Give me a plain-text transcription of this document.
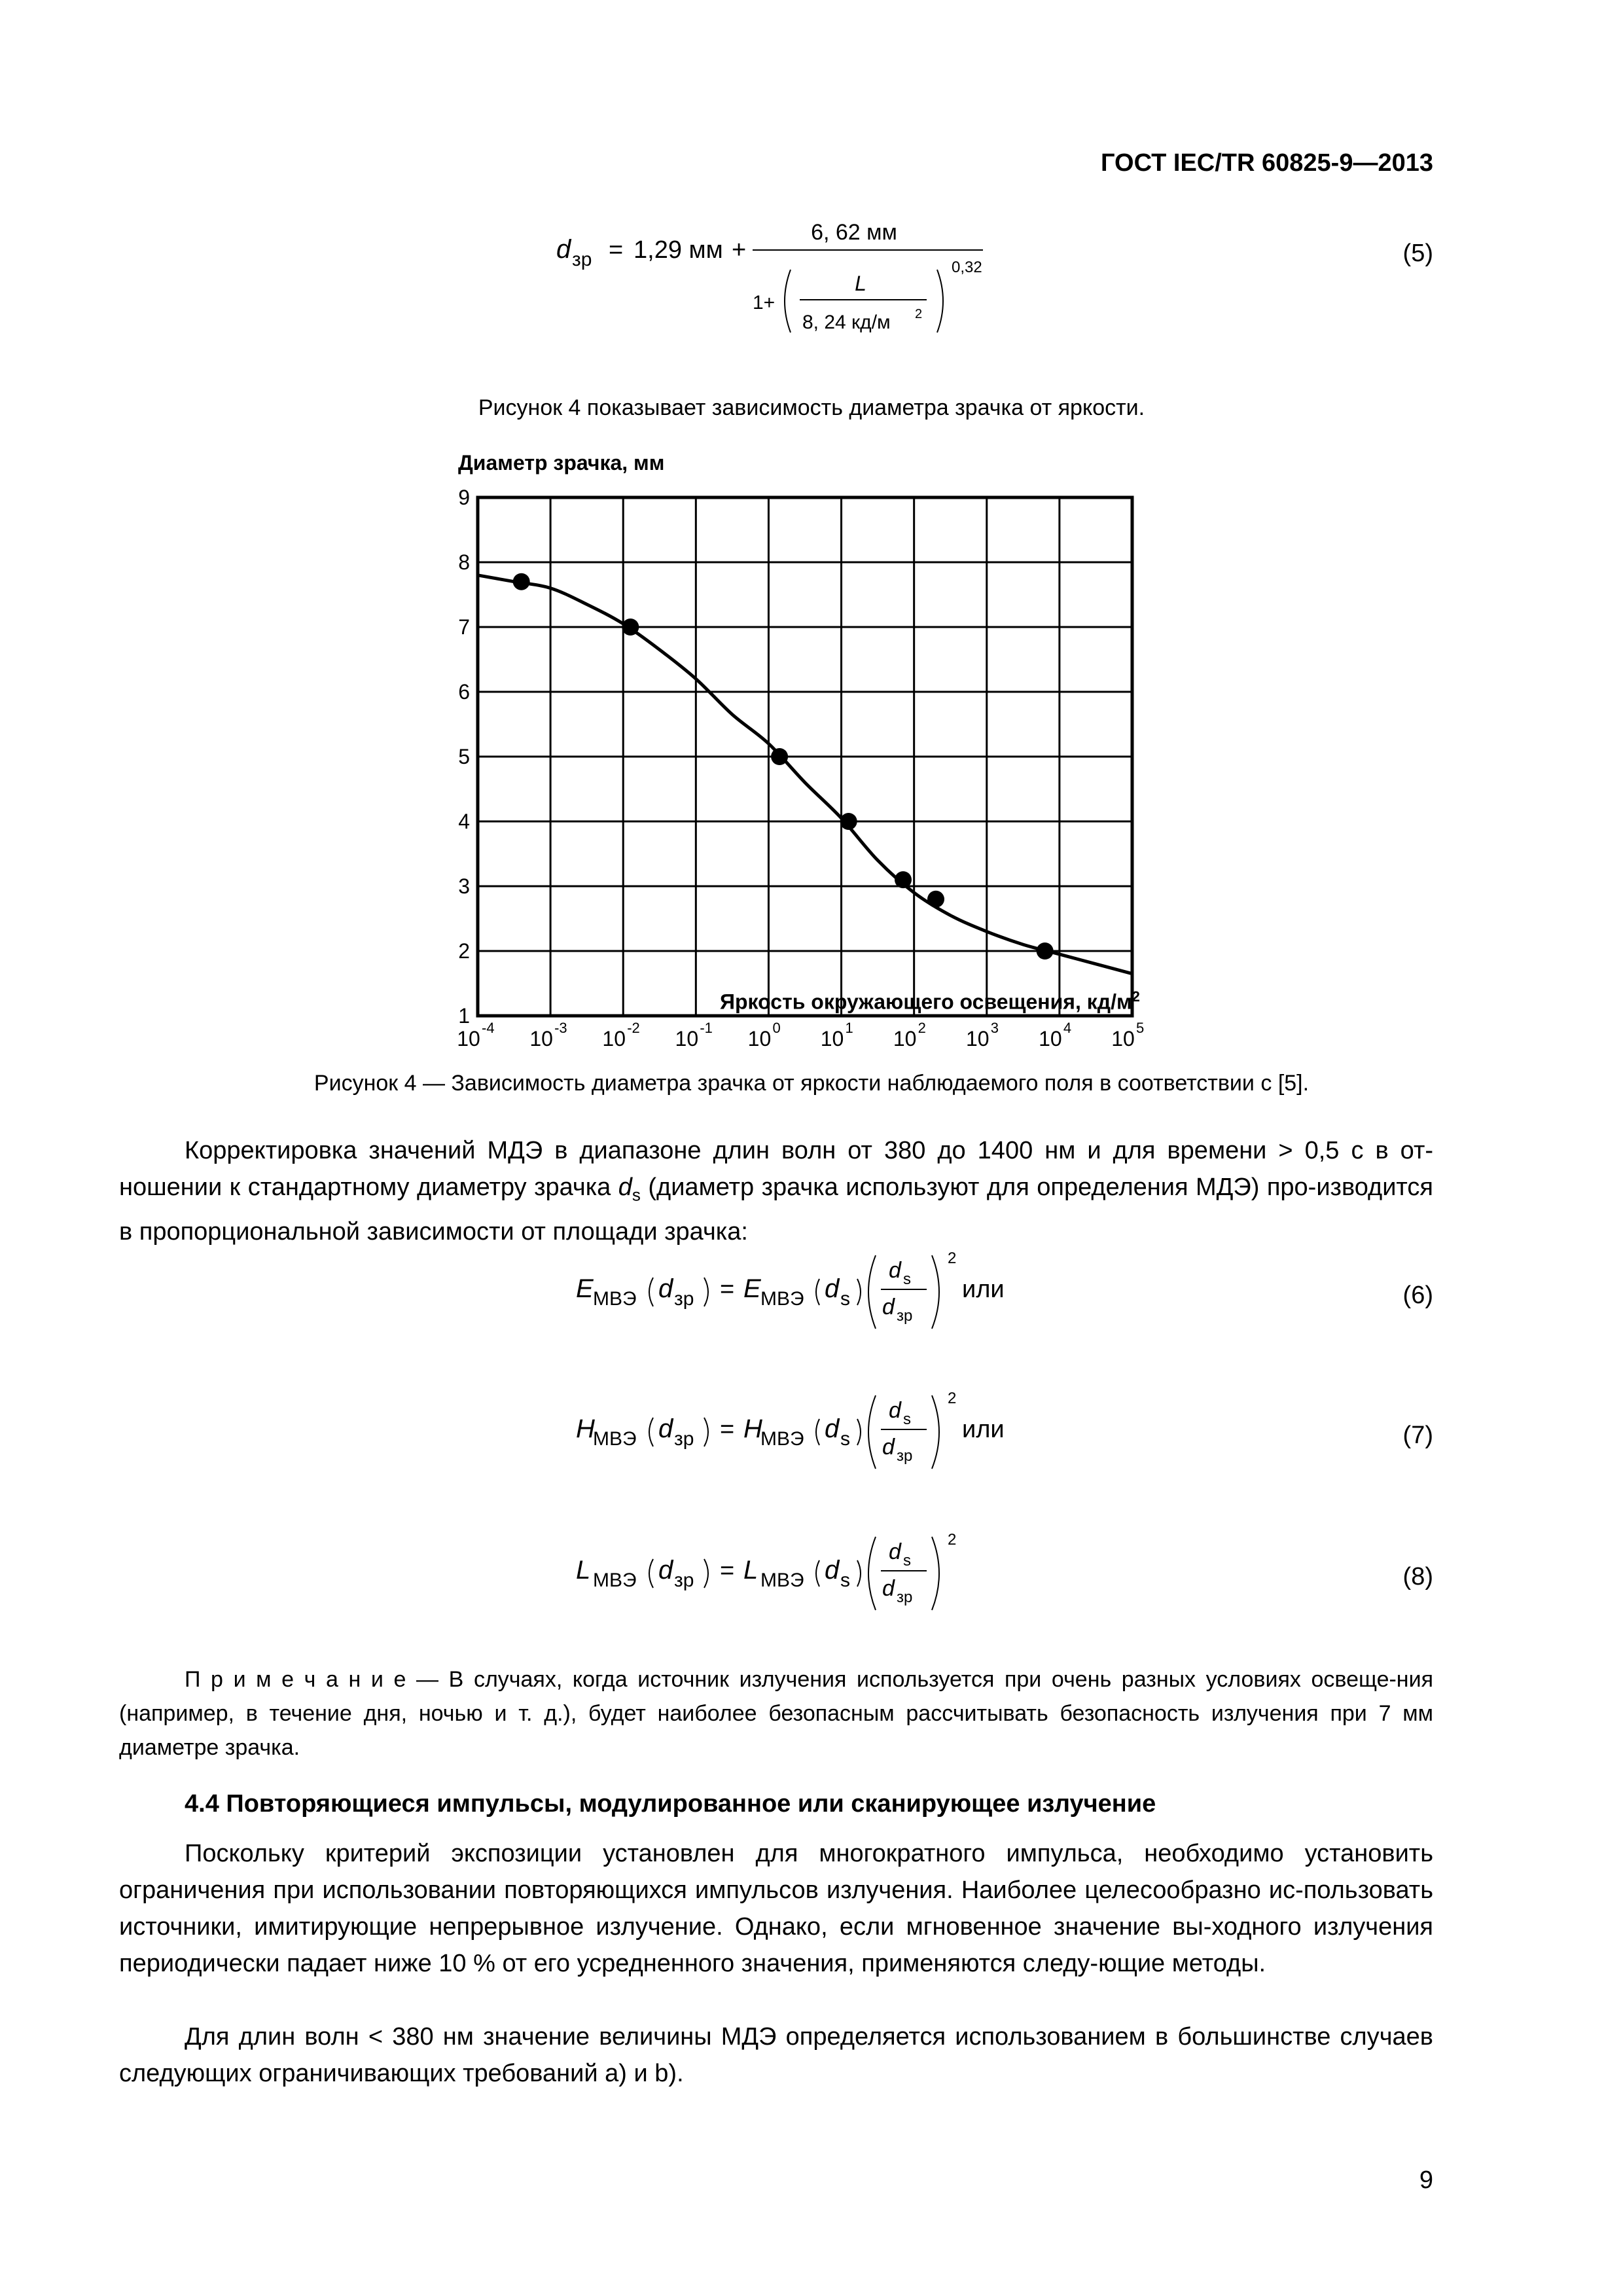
ГОСТ IEC/TR 60825-9—2013
d зр = 1,29 мм +
6, 62 мм
1+
L
8, 24 кд/м 2
0,32
(5)
Рисунок 4 показывает зависимость диаметра зрачка от яркости.
Диаметр зрачка, мм
1
2
3
4
5
6
7
8
9
10 -4 10 -3 10 -2 10 -1 10 0 10 1 10 2 10 3 10 4 10 5
Яркость окружающего освещения, $кд/м^2$
Рисунок 4 — Зависимость диаметра зрачка от яркости наблюдаемого поля в соответствии с [5].
Корректировка значений МДЭ в диапазоне длин волн от 380 до 1400 нм и для времени > 0,5 с в от-ношении к стандартному диаметру зрачка $d_s$ (диаметр зрачка используют для определения МДЭ) про-изводится в пропорциональной зависимости от площади зрачка:
E МВЭ d зр = E МВЭ d s
d s
d зр
2
или	(6)
H
МВЭ d зр = H
МВЭ d s
d s
d зр
2
или	(7)
L МВЭ d зр = L МВЭ d s
d s
d зр
2
(8)
П р и м е ч а н и е — В случаях, когда источник излучения используется при очень разных условиях освеще-ния (например, в течение дня, ночью и т. д.), будет наиболее безопасным рассчитывать безопасность излучения при 7 мм диаметре зрачка.
4.4 Повторяющиеся импульсы, модулированное или сканирующее излучение
Поскольку критерий экспозиции установлен для многократного импульса, необходимо установить ограничения при использовании повторяющихся импульсов излучения. Наиболее целесообразно ис-пользовать источники, имитирующие непрерывное излучение. Однако, если мгновенное значение вы-ходного излучения периодически падает ниже 10 % от его усредненного значения, применяются следу-ющие методы.
Для длин волн < 380 нм значение величины МДЭ определяется использованием в большинстве случаев следующих ограничивающих требований a) и b).
9
